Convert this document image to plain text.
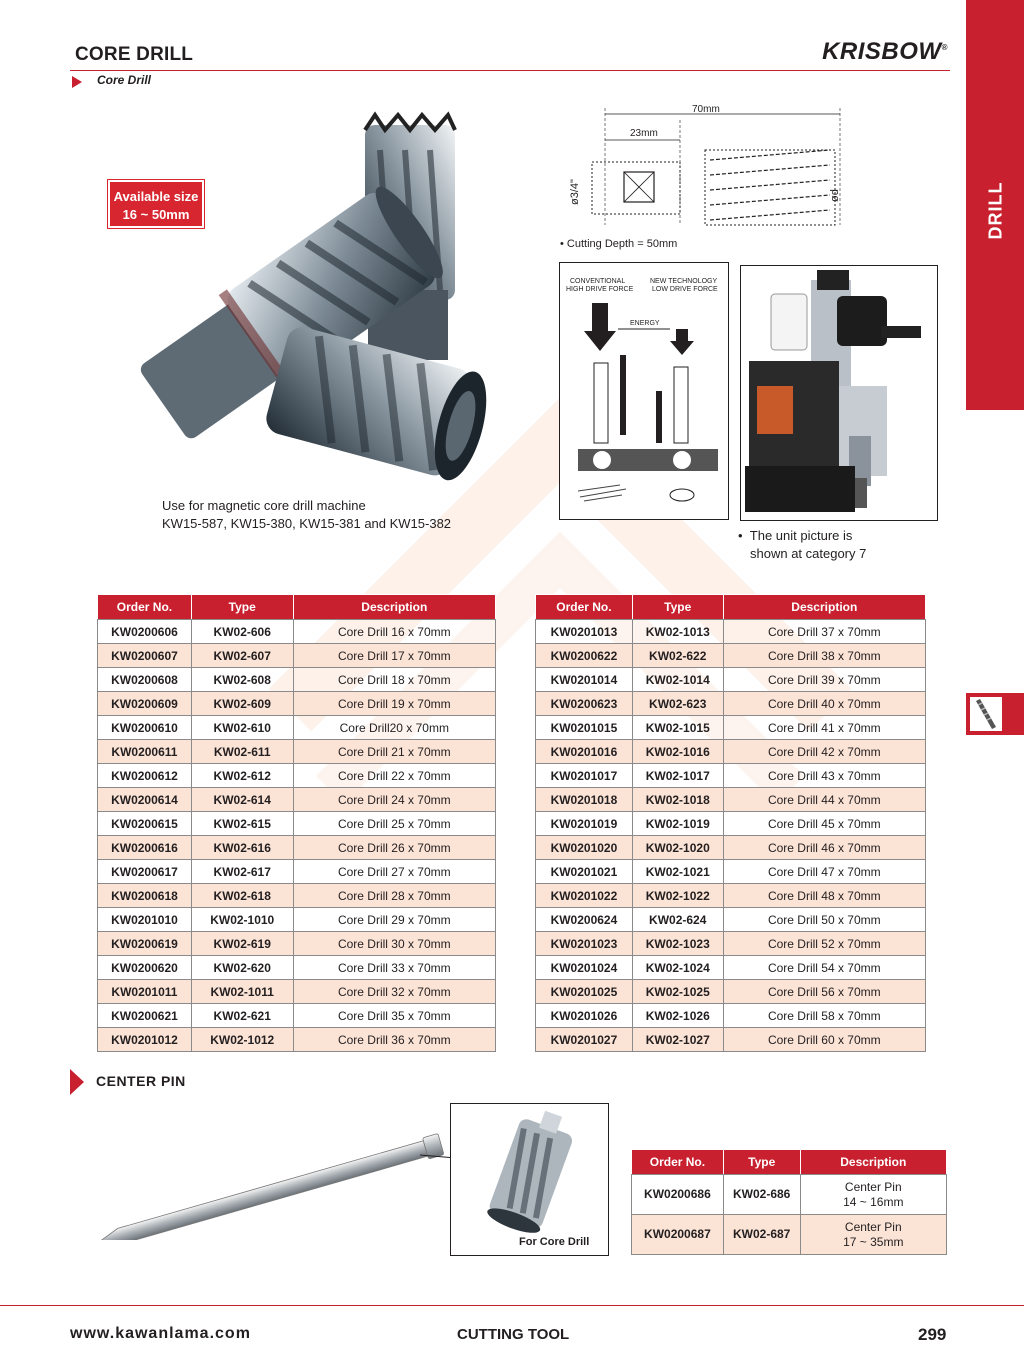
CORE DRILL	KRISBOW®
Core Drill
DRILL
Available size
16 ~ 50mm
Use for magnetic core drill machine
KW15-587, KW15-380, KW15-381 and KW15-382
70mm
23mm
ø3/4"	ød
• Cutting Depth = 50mm
CONVENTIONAL
HIGH DRIVE FORCE
NEW TECHNOLOGY
LOW DRIVE FORCE
ENERGY
• The unit picture is
shown at category 7
Order No.	Type	Description
KW0200606	KW02-606	Core Drill 16 x 70mm
KW0200607	KW02-607	Core Drill 17 x 70mm
KW0200608	KW02-608	Core Drill 18 x 70mm
KW0200609	KW02-609	Core Drill 19 x 70mm
KW0200610	KW02-610	Core Drill20 x 70mm
KW0200611	KW02-611	Core Drill 21 x 70mm
KW0200612	KW02-612	Core Drill 22 x 70mm
KW0200614	KW02-614	Core Drill 24 x 70mm
KW0200615	KW02-615	Core Drill 25 x 70mm
KW0200616	KW02-616	Core Drill 26 x 70mm
KW0200617	KW02-617	Core Drill 27 x 70mm
KW0200618	KW02-618	Core Drill 28 x 70mm
KW0201010	KW02-1010	Core Drill 29 x 70mm
KW0200619	KW02-619	Core Drill 30 x 70mm
KW0200620	KW02-620	Core Drill 33 x 70mm
KW0201011	KW02-1011	Core Drill 32 x 70mm
KW0200621	KW02-621	Core Drill 35 x 70mm
KW0201012	KW02-1012	Core Drill 36 x 70mm
Order No.	Type	Description
KW0201013	KW02-1013	Core Drill 37 x 70mm
KW0200622	KW02-622	Core Drill 38 x 70mm
KW0201014	KW02-1014	Core Drill 39 x 70mm
KW0200623	KW02-623	Core Drill 40 x 70mm
KW0201015	KW02-1015	Core Drill 41 x 70mm
KW0201016	KW02-1016	Core Drill 42 x 70mm
KW0201017	KW02-1017	Core Drill 43 x 70mm
KW0201018	KW02-1018	Core Drill 44 x 70mm
KW0201019	KW02-1019	Core Drill 45 x 70mm
KW0201020	KW02-1020	Core Drill 46 x 70mm
KW0201021	KW02-1021	Core Drill 47 x 70mm
KW0201022	KW02-1022	Core Drill 48 x 70mm
KW0200624	KW02-624	Core Drill 50 x 70mm
KW0201023	KW02-1023	Core Drill 52 x 70mm
KW0201024	KW02-1024	Core Drill 54 x 70mm
KW0201025	KW02-1025	Core Drill 56 x 70mm
KW0201026	KW02-1026	Core Drill 58 x 70mm
KW0201027	KW02-1027	Core Drill 60 x 70mm
CENTER PIN
For Core Drill
Order No.	Type	Description
KW0200686	KW02-686	Center Pin
14 ~ 16mm

KW0200687	KW02-687	Center Pin
17 ~ 35mm
www.kawanlama.com	CUTTING TOOL	299
